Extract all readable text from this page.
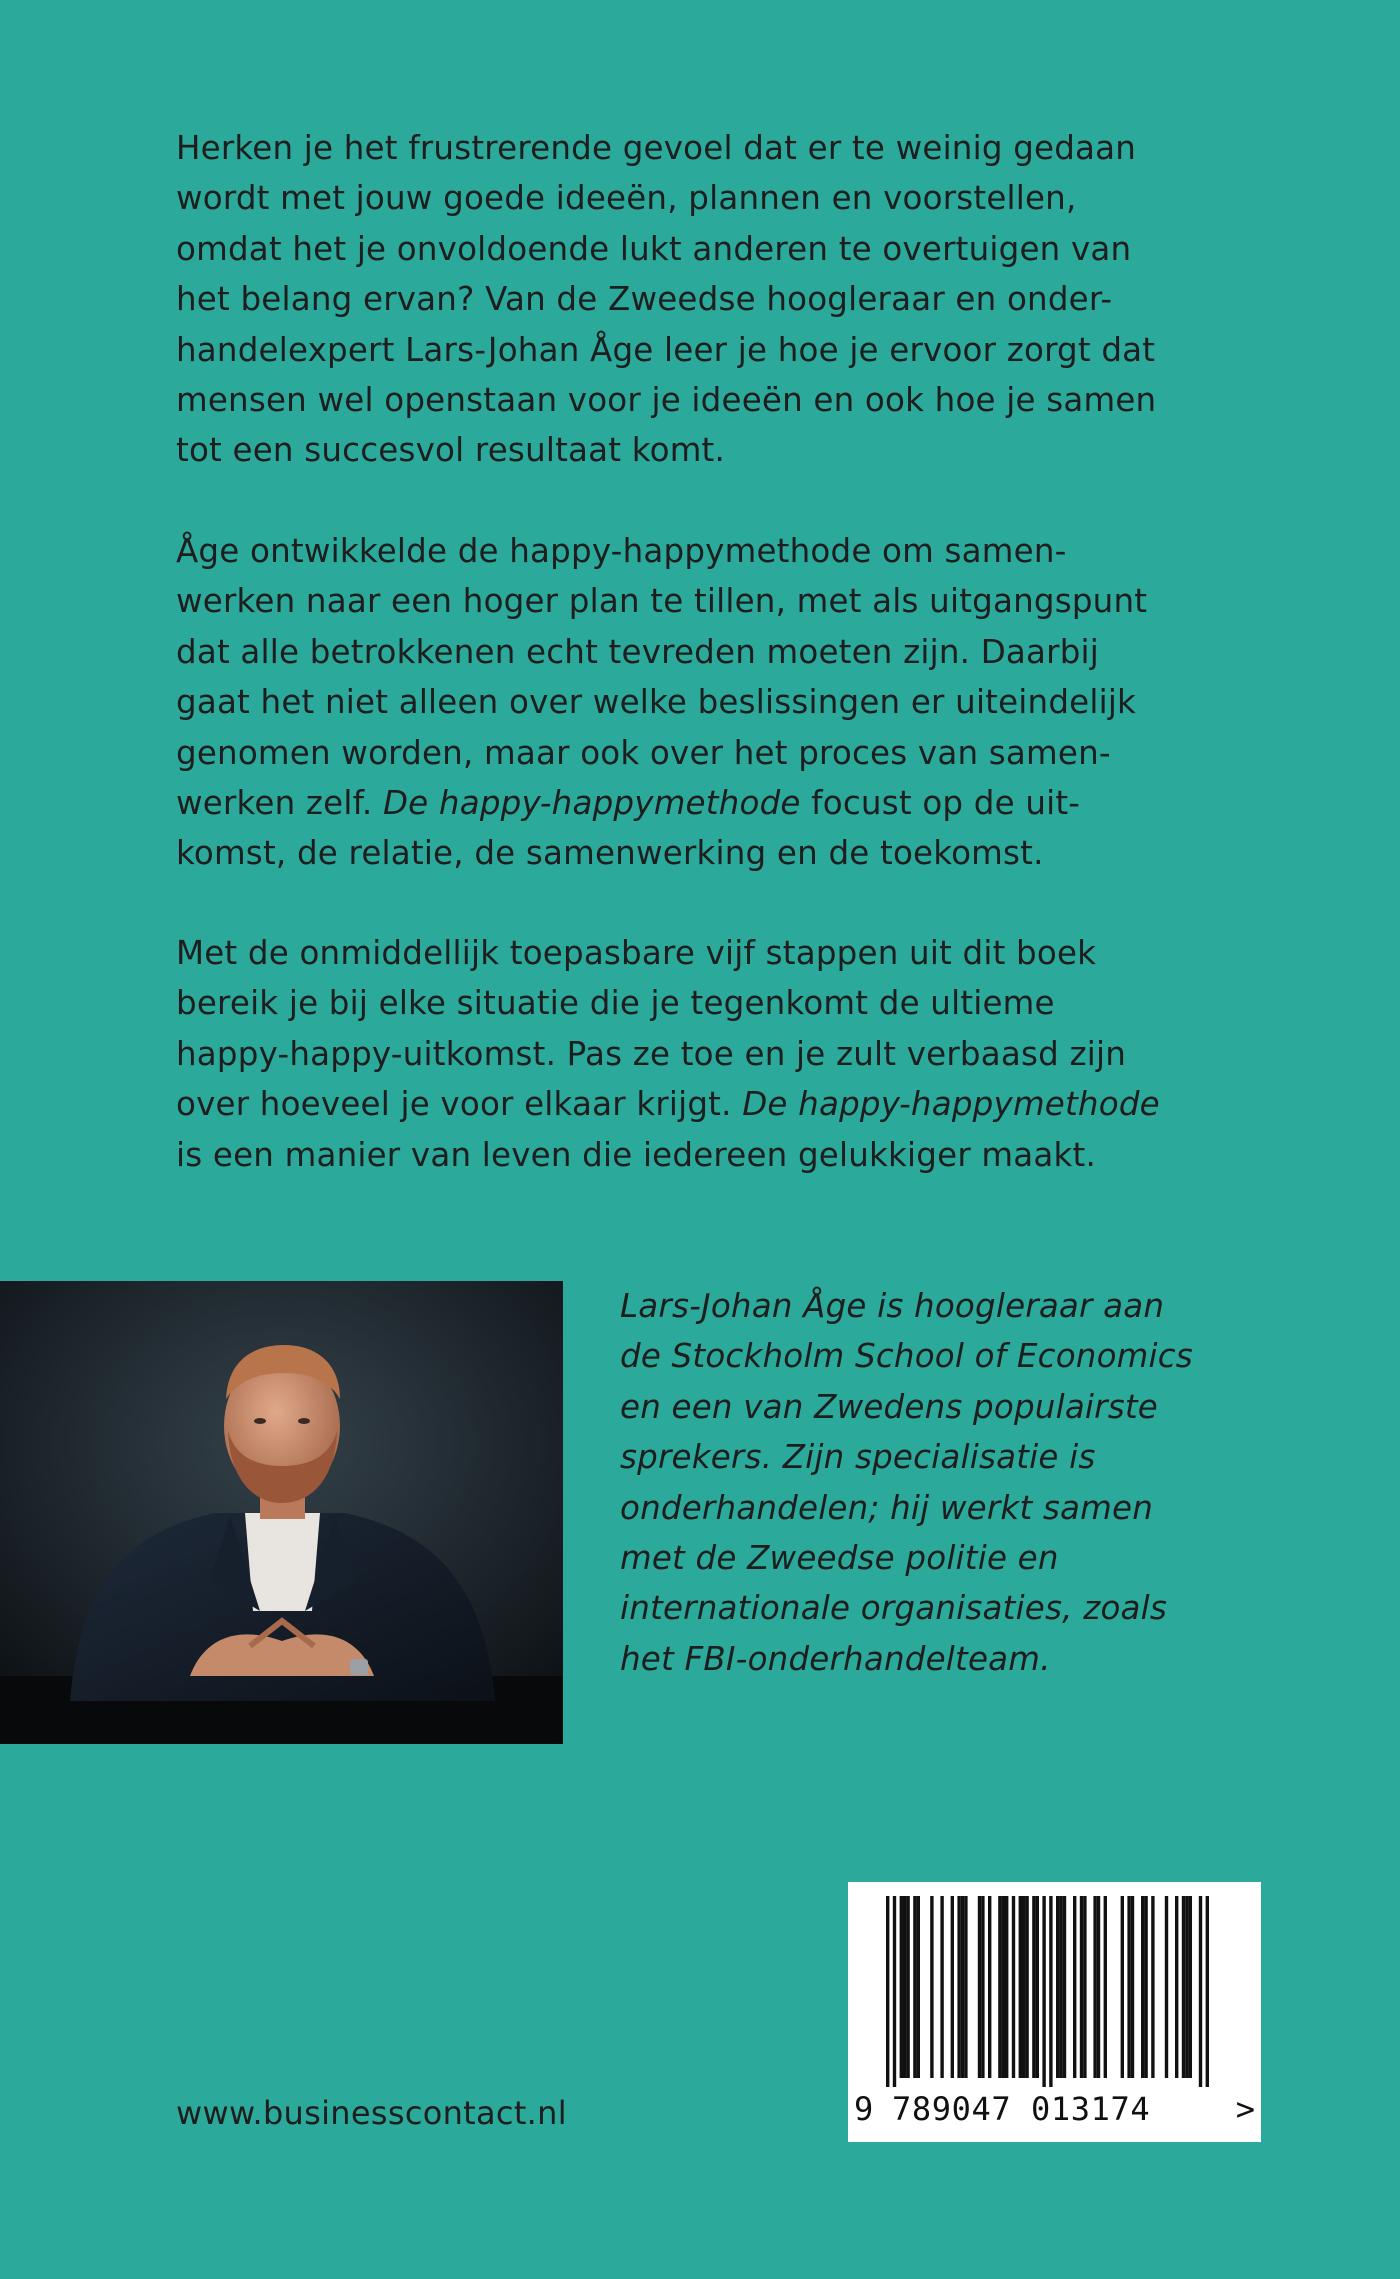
Herken je het frustrerende gevoel dat er te weinig gedaan
wordt met jouw goede ideeën, plannen en voorstellen,
omdat het je onvoldoende lukt anderen te overtuigen van
het belang ervan? Van de Zweedse hoogleraar en onder-
handelexpert Lars-Johan Åge leer je hoe je ervoor zorgt dat
mensen wel openstaan voor je ideeën en ook hoe je samen
tot een succesvol resultaat komt.

Åge ontwikkelde de happy-happymethode om samen-
werken naar een hoger plan te tillen, met als uitgangspunt
dat alle betrokkenen echt tevreden moeten zijn. Daarbij
gaat het niet alleen over welke beslissingen er uiteindelijk
genomen worden, maar ook over het proces van samen-
werken zelf. De happy-happymethode focust op de uit-
komst, de relatie, de samenwerking en de toekomst.

Met de onmiddellijk toepasbare vijf stappen uit dit boek
bereik je bij elke situatie die je tegenkomt de ultieme
happy-happy-uitkomst. Pas ze toe en je zult verbaasd zijn
over hoeveel je voor elkaar krijgt. De happy-happymethode
is een manier van leven die iedereen gelukkiger maakt.

Lars-Johan Åge is hoogleraar aan
de Stockholm School of Economics
en een van Zwedens populairste
sprekers. Zijn specialisatie is
onderhandelen; hij werkt samen
met de Zweedse politie en
internationale organisaties, zoals
het FBI-onderhandelteam.

www.businesscontact.nl	9 789047 013174	>
